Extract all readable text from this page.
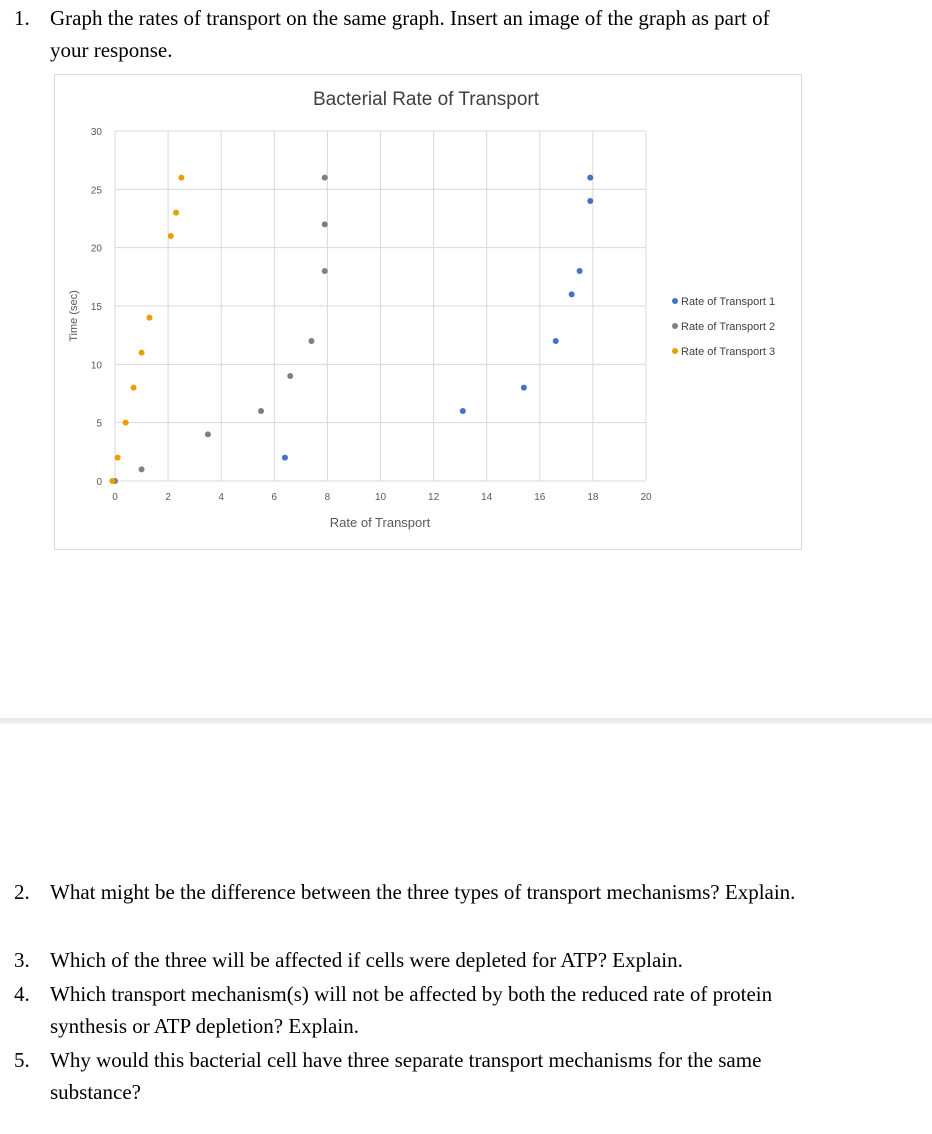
1. Graph the rates of transport on the same graph. Insert an image of the graph as part of
your response.
Bacterial Rate of Transport
0	2	4	6	8	10	12	14	16	18	20
0
5
10
15
20
25
30
Rate of Transport
Time (sec)	Rate of Transport 1
Rate of Transport 2
Rate of Transport 3
2. What might be the difference between the three types of transport mechanisms? Explain.
3. Which of the three will be affected if cells were depleted for ATP? Explain.
4. Which transport mechanism(s) will not be affected by both the reduced rate of protein
synthesis or ATP depletion? Explain.
5. Why would this bacterial cell have three separate transport mechanisms for the same
substance?
